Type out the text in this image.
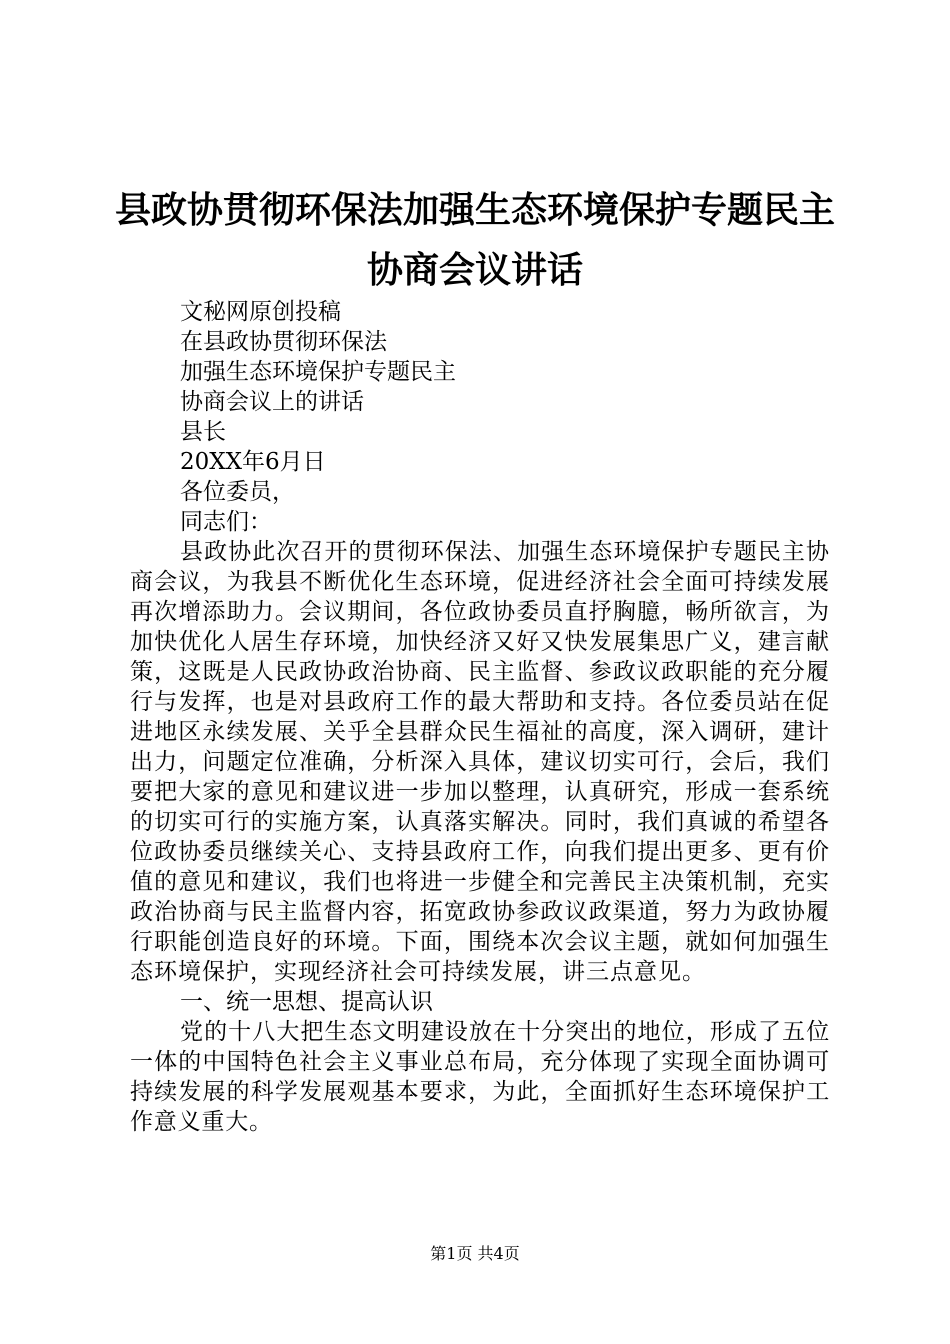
县政协贯彻环保法加强生态环境保护专题民主
协商会议讲话

文秘网原创投稿

在县政协贯彻环保法

加强生态环境保护专题民主

协商会议上的讲话

县长

20XX年6月日

各位委员，

同志们：

县政协此次召开的贯彻环保法、加强生态环境保护专题民主协商会议，为我县不断优化生态环境，促进经济社会全面可持续发展再次增添助力。会议期间，各位政协委员直抒胸臆，畅所欲言，为加快优化人居生存环境，加快经济又好又快发展集思广义，建言献策，这既是人民政协政治协商、民主监督、参政议政职能的充分履行与发挥，也是对县政府工作的最大帮助和支持。各位委员站在促进地区永续发展、关乎全县群众民生福祉的高度，深入调研，建计出力，问题定位准确，分析深入具体，建议切实可行，会后，我们要把大家的意见和建议进一步加以整理，认真研究，形成一套系统的切实可行的实施方案，认真落实解决。同时，我们真诚的希望各位政协委员继续关心、支持县政府工作，向我们提出更多、更有价值的意见和建议，我们也将进一步健全和完善民主决策机制，充实政治协商与民主监督内容，拓宽政协参政议政渠道，努力为政协履行职能创造良好的环境。下面，围绕本次会议主题，就如何加强生态环境保护，实现经济社会可持续发展，讲三点意见。

一、统一思想、提高认识

党的十八大把生态文明建设放在十分突出的地位，形成了五位一体的中国特色社会主义事业总布局，充分体现了实现全面协调可持续发展的科学发展观基本要求，为此，全面抓好生态环境保护工作意义重大。

第1页 共4页
